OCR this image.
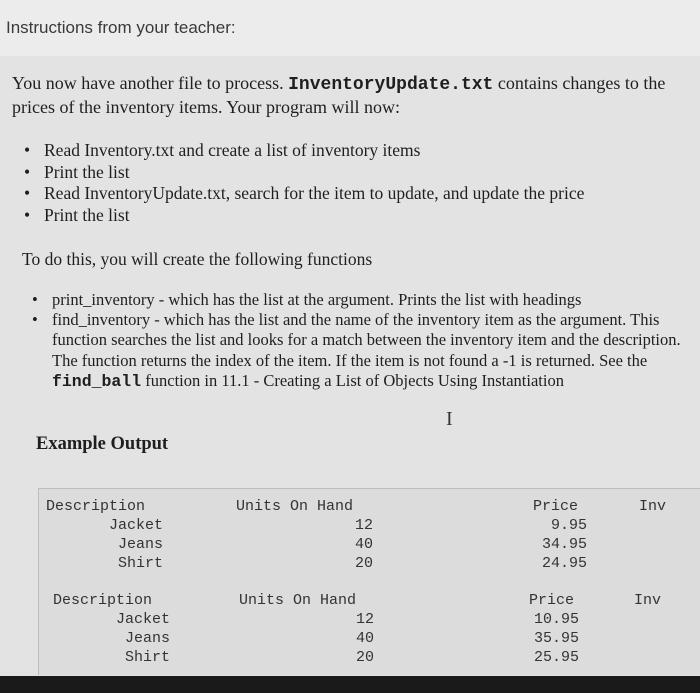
Instructions from your teacher:
You now have another file to process. InventoryUpdate.txt contains changes to the prices of the inventory items. Your program will now:
• Read Inventory.txt and create a list of inventory items
• Print the list
• Read InventoryUpdate.txt, search for the item to update, and update the price
• Print the list
To do this, you will create the following functions
• print_inventory - which has the list at the argument. Prints the list with headings
• find_inventory - which has the list and the name of the inventory item as the argument. This function searches the list and looks for a match between the inventory item and the description. The function returns the index of the item. If the item is not found a -1 is returned. See the find_ball function in 11.1 - Creating a List of Objects Using Instantiation
I
Example Output
Description	Units On Hand	Price	Inv
Jacket	12	9.95
Jeans	40	34.95
Shirt	20	24.95
Description	Units On Hand	Price	Inv
Jacket	12	10.95
Jeans	40	35.95
Shirt	20	25.95
